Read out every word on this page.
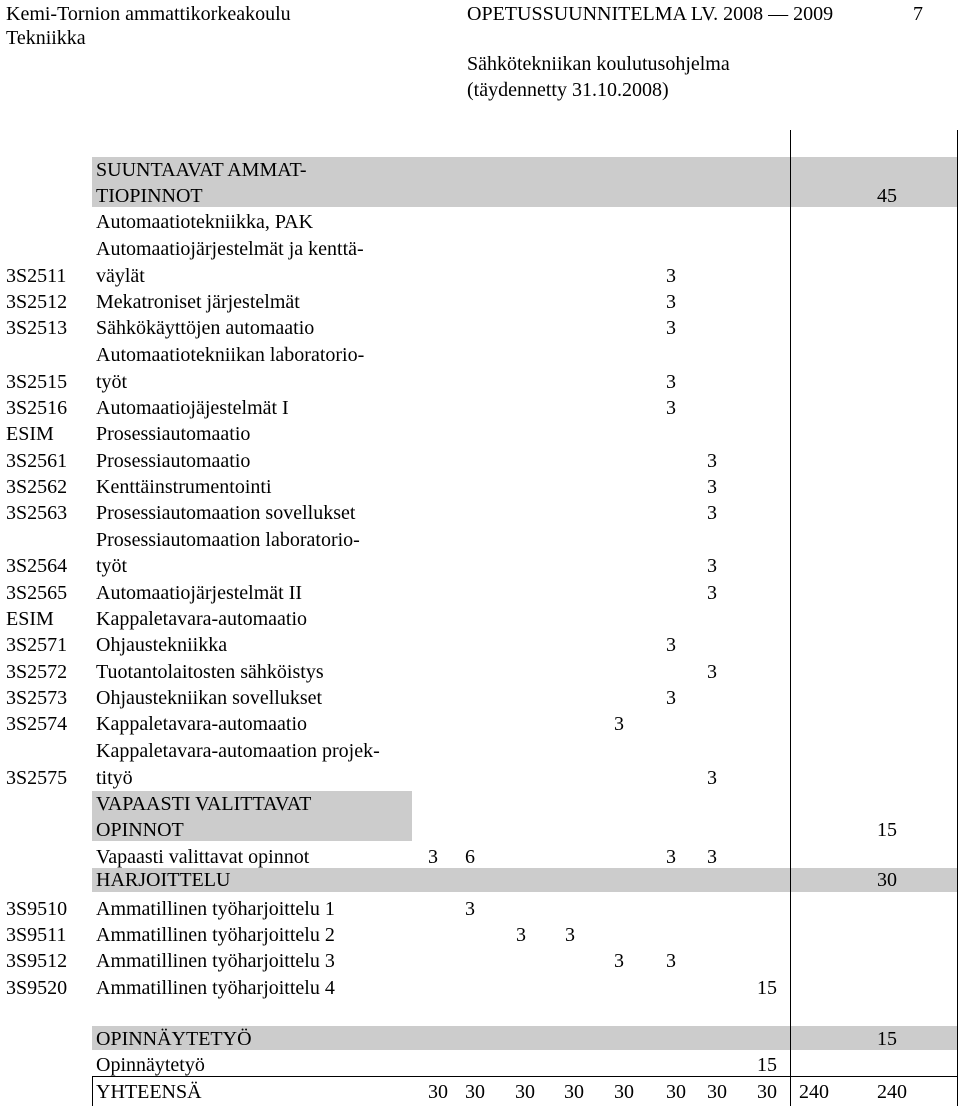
Kemi-Tornion ammattikorkeakoulu
Tekniikka
OPETUSSUUNNITELMA LV. 2008 — 2009	7
Sähkötekniikan koulutusohjelma
(täydennetty 31.10.2008)
SUUNTAAVAT AMMAT-
TIOPINNOT	45
Automaatiotekniikka, PAK
Automaatiojärjestelmät ja kenttä-
3S2511 väylät	3
3S2512 Mekatroniset järjestelmät	3
3S2513 Sähkökäyttöjen automaatio	3
Automaatiotekniikan laboratorio-
3S2515 työt	3
3S2516 Automaatiojäjestelmät I	3
ESIM Prosessiautomaatio
3S2561 Prosessiautomaatio	3
3S2562 Kenttäinstrumentointi	3
3S2563 Prosessiautomaation sovellukset	3
Prosessiautomaation laboratorio-
3S2564 työt	3
3S2565 Automaatiojärjestelmät II	3
ESIM Kappaletavara-automaatio
3S2571 Ohjaustekniikka	3
3S2572 Tuotantolaitosten sähköistys	3
3S2573 Ohjaustekniikan sovellukset	3
3S2574 Kappaletavara-automaatio	3
Kappaletavara-automaation projek-
3S2575 tityö	3
VAPAASTI VALITTAVAT
OPINNOT	15
Vapaasti valittavat opinnot	3 6	3 3
HARJOITTELU	30
3S9510 Ammatillinen työharjoittelu 1	3
3S9511 Ammatillinen työharjoittelu 2	3 3
3S9512 Ammatillinen työharjoittelu 3	3 3
3S9520 Ammatillinen työharjoittelu 4	15
OPINNÄYTETYÖ	15
Opinnäytetyö	15
YHTEENSÄ	30 30 30 30 30 30 30 30 240 240
